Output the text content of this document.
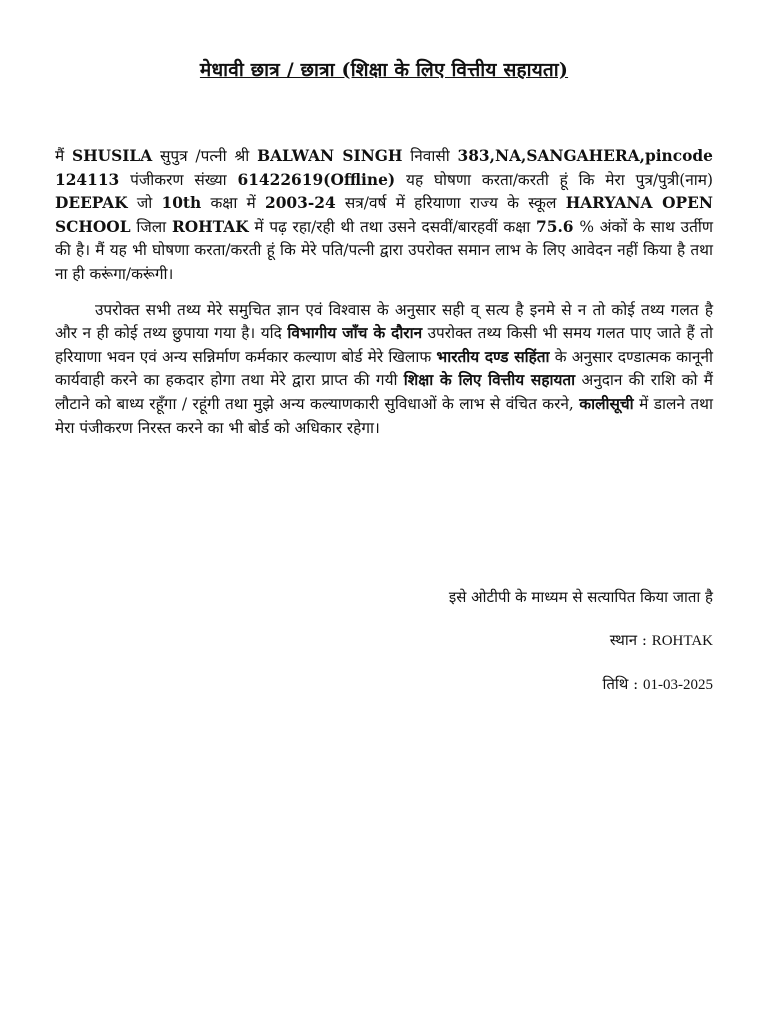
मेधावी छात्र / छात्रा (शिक्षा के लिए वित्तीय सहायता)

मैं SHUSILA सुपुत्र /पत्नी श्री BALWAN SINGH निवासी 383,NA,SANGAHERA,pincode 124113 पंजीकरण संख्या 61422619(Offline) यह घोषणा करता/करती हूं कि मेरा पुत्र/पुत्री(नाम) DEEPAK जो 10th कक्षा में 2003-24 सत्र/वर्ष में हरियाणा राज्य के स्कूल HARYANA OPEN SCHOOL जिला ROHTAK में पढ़ रहा/रही थी तथा उसने दसवीं/बारहवीं कक्षा 75.6 % अंकों के साथ उर्तीण की है। मैं यह भी घोषणा करता/करती हूं कि मेरे पति/पत्नी द्वारा उपरोक्त समान लाभ के लिए आवेदन नहीं किया है तथा ना ही करूंगा/करूंगी।

उपरोक्त सभी तथ्य मेरे समुचित ज्ञान एवं विश्वास के अनुसार सही व् सत्य है इनमे से न तो कोई तथ्य गलत है और न ही कोई तथ्य छुपाया गया है। यदि विभागीय जाँच के दौरान उपरोक्त तथ्य किसी भी समय गलत पाए जाते हैं तो हरियाणा भवन एवं अन्य सन्निर्माण कर्मकार कल्याण बोर्ड मेरे खिलाफ भारतीय दण्ड सहिंता के अनुसार दण्डात्मक कानूनी कार्यवाही करने का हकदार होगा तथा मेरे द्वारा प्राप्त की गयी शिक्षा के लिए वित्तीय सहायता अनुदान की राशि को मैं लौटाने को बाध्य रहूँगा / रहूंगी तथा मुझे अन्य कल्याणकारी सुविधाओं के लाभ से वंचित करने, कालीसूची में डालने तथा मेरा पंजीकरण निरस्त करने का भी बोर्ड को अधिकार रहेगा।

इसे ओटीपी के माध्यम से सत्यापित किया जाता है
स्थान : ROHTAK
तिथि : 01-03-2025
